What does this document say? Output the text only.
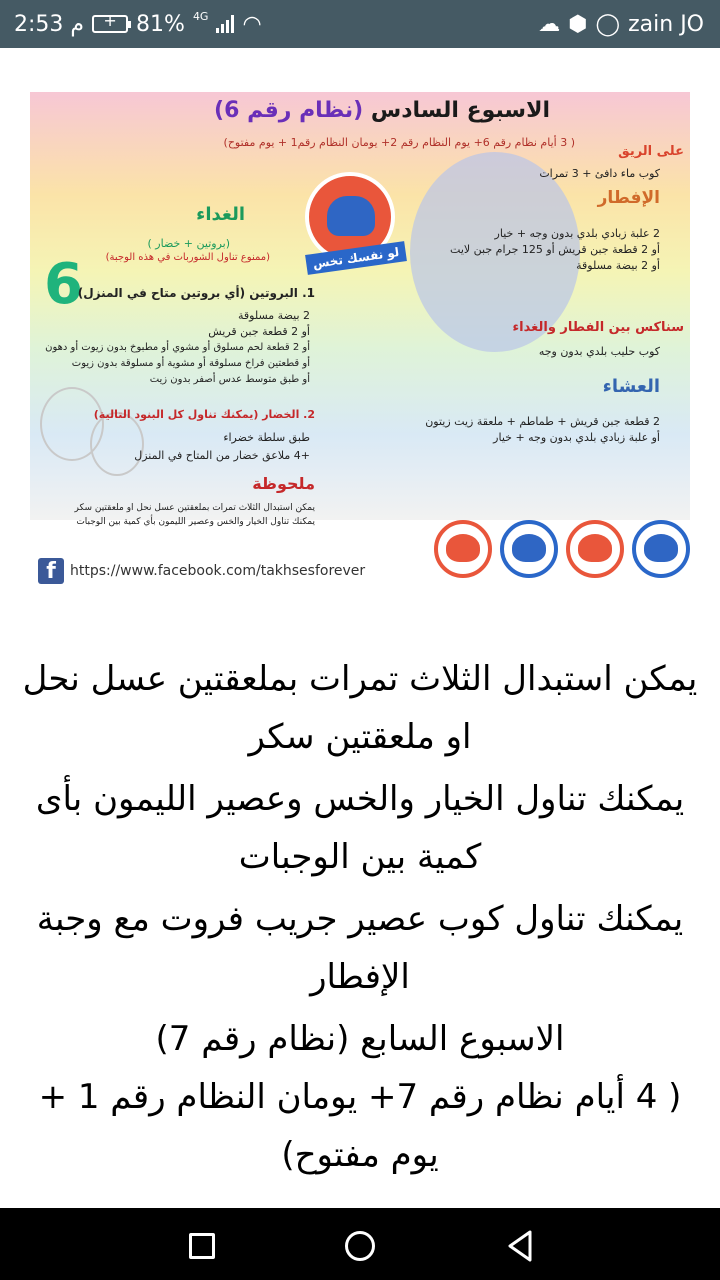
2:53 م	+ 81% 4G ◠	☁ ⬢ ◯ zain JO
الاسبوع السادس (نظام رقم 6)
( 3 أيام نظام رقم 6+ يوم النظام رقم 2+ يومان النظام رقم1 + يوم مفتوح)
لو نفسك تخس
6
على الريق
كوب ماء دافئ + 3 تمرات
الإفطار
2 علبة زبادي بلدي بدون وجه + خيار
أو 2 قطعة جبن قريش أو 125 جرام جبن لايت
أو 2 بيضة مسلوقة
سناكس بين الفطار والغداء
كوب حليب بلدي بدون وجه
العشاء
2 قطعة جبن قريش + طماطم + ملعقة زيت زيتون
أو علبة زبادي بلدي بدون وجه + خيار
الغداء
(بروتين + خضار )
(ممنوع تناول الشوربات في هذه الوجبة)
1. البروتين (أي بروتين متاح في المنزل)
2 بيضة مسلوقة
أو 2 قطعة جبن قريش
أو 2 قطعة لحم مسلوق أو مشوي أو مطبوخ بدون زيوت أو دهون
أو قطعتين فراخ مسلوقة أو مشوية أو مسلوقة بدون زيوت
أو طبق متوسط عدس أصفر بدون زيت
2. الخضار (يمكنك تناول كل البنود التالية)
طبق سلطة خضراء
+4 ملاعق خضار من المتاح في المنزل
ملحوظة
يمكن استبدال الثلاث تمرات بملعقتين عسل نحل او ملعقتين سكر
يمكنك تناول الخيار والخس وعصير الليمون بأي كمية بين الوجبات
f	https://www.facebook.com/takhsesforever

يمكن استبدال الثلاث تمرات بملعقتين عسل نحل او ملعقتين سكر

يمكنك تناول الخيار والخس وعصير الليمون بأى كمية بين الوجبات

يمكنك تناول كوب عصير جريب فروت مع وجبة الإفطار

الاسبوع السابع (نظام رقم 7)

( 4 أيام نظام رقم 7+ يومان النظام رقم 1 + يوم مفتوح)
